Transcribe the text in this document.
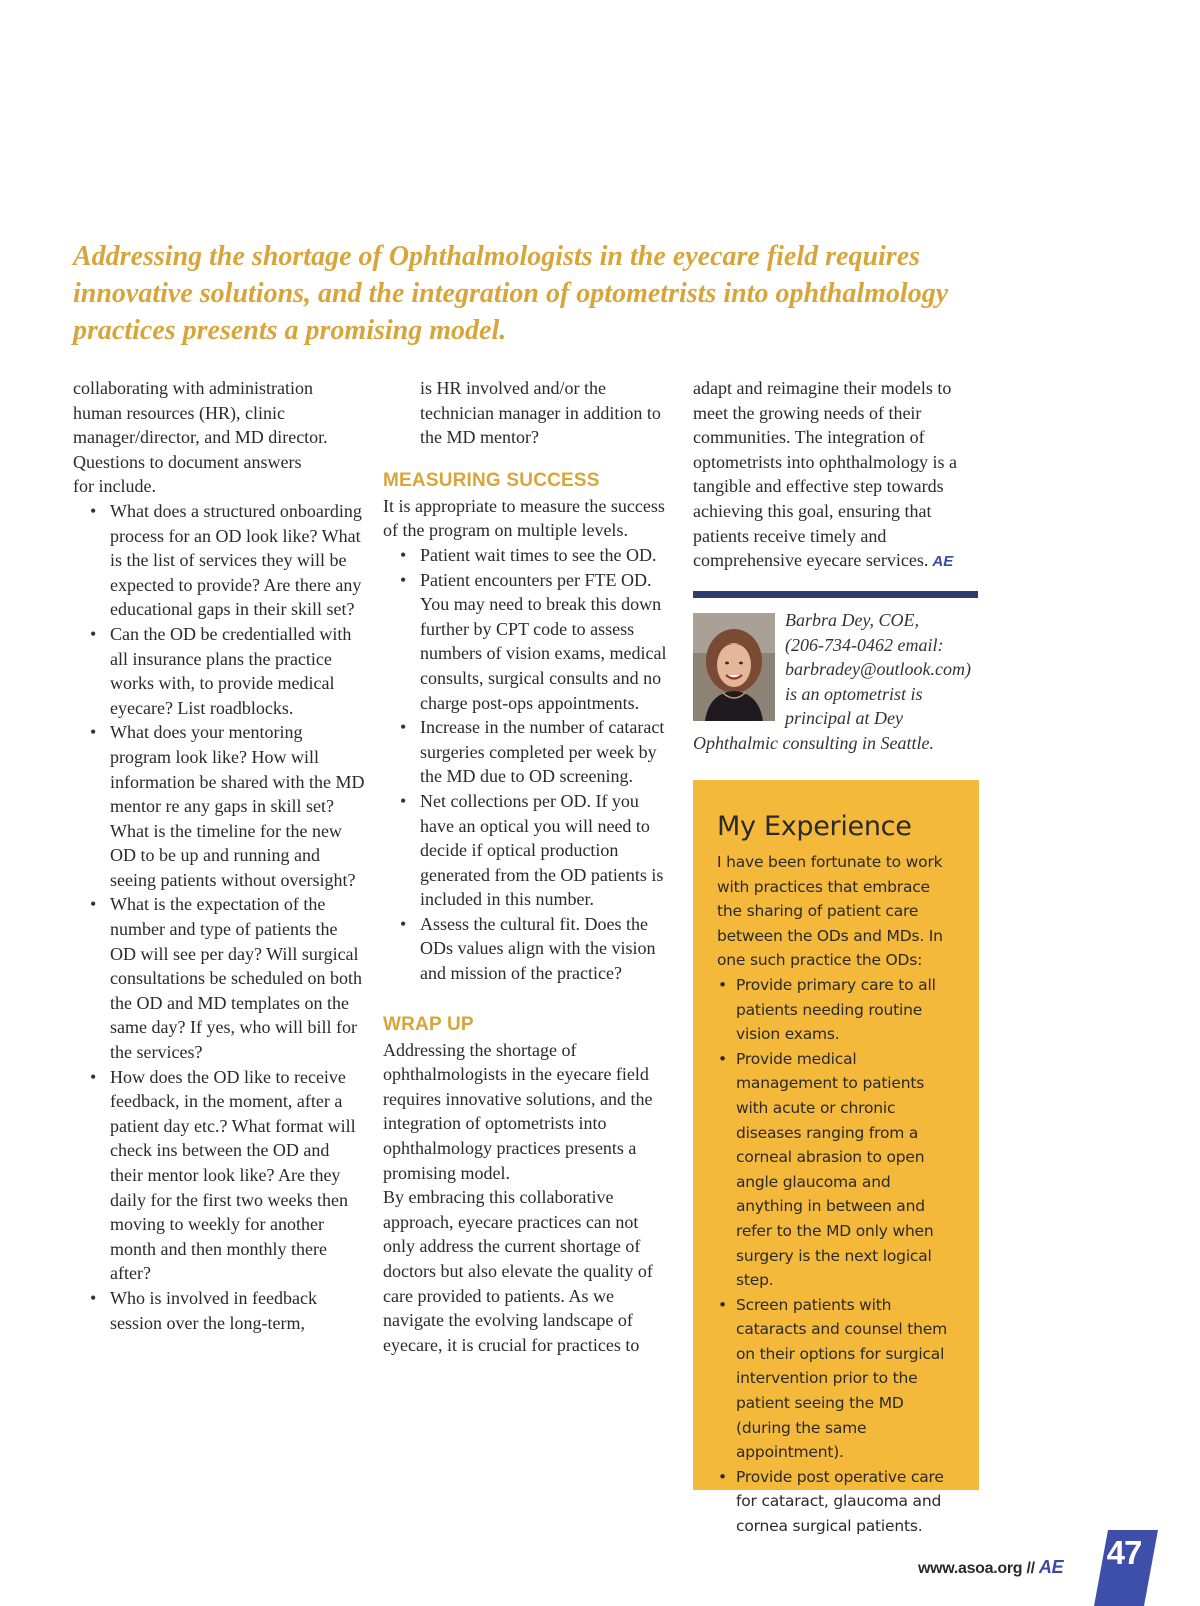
Addressing the shortage of Ophthalmologists in the eyecare field requires innovative solutions, and the integration of optometrists into ophthalmology practices presents a promising model.

collaborating with administration
human resources (HR), clinic
manager/director, and MD director.
Questions to document answers
for include.

• What does a structured onboarding process for an OD look like? What is the list of services they will be expected to provide? Are there any educational gaps in their skill set?
• Can the OD be credentialled with all insurance plans the practice works with, to provide medical eyecare? List roadblocks.
• What does your mentoring program look like? How will information be shared with the MD mentor re any gaps in skill set? What is the timeline for the new OD to be up and running and seeing patients without oversight?
• What is the expectation of the number and type of patients the OD will see per day? Will surgical consultations be scheduled on both the OD and MD templates on the same day? If yes, who will bill for the services?
• How does the OD like to receive feedback, in the moment, after a patient day etc.? What format will check ins between the OD and their mentor look like? Are they daily for the first two weeks then moving to weekly for another month and then monthly there after?
• Who is involved in feedback session over the long-term,

is HR involved and/or the technician manager in addition to the MD mentor?

MEASURING SUCCESS

It is appropriate to measure the success of the program on multiple levels.

• Patient wait times to see the OD.
• Patient encounters per FTE OD. You may need to break this down further by CPT code to assess numbers of vision exams, medical consults, surgical consults and no charge post-ops appointments.
• Increase in the number of cataract surgeries completed per week by the MD due to OD screening.
• Net collections per OD. If you have an optical you will need to decide if optical production generated from the OD patients is included in this number.
• Assess the cultural fit. Does the ODs values align with the vision and mission of the practice?
WRAP UP

Addressing the shortage of ophthalmologists in the eyecare field requires innovative solutions, and the integration of optometrists into ophthalmology practices presents a promising model.

By embracing this collaborative approach, eyecare practices can not only address the current shortage of doctors but also elevate the quality of care provided to patients. As we navigate the evolving landscape of eyecare, it is crucial for practices to

adapt and reimagine their models to meet the growing needs of their communities. The integration of optometrists into ophthalmology is a tangible and effective step towards achieving this goal, ensuring that patients receive timely and comprehensive eyecare services. AE

Barbra Dey, COE,
(206-734-0462 email:
barbradey@outlook.com)
is an optometrist is
principal at Dey
Ophthalmic consulting in Seattle.
My Experience

I have been fortunate to work with practices that embrace the sharing of patient care between the ODs and MDs. In one such practice the ODs:

• Provide primary care to all patients needing routine vision exams.
• Provide medical management to patients with acute or chronic diseases ranging from a corneal abrasion to open angle glaucoma and anything in between and refer to the MD only when surgery is the next logical step.
• Screen patients with cataracts and counsel them on their options for surgical intervention prior to the patient seeing the MD (during the same appointment).
• Provide post operative care for cataract, glaucoma and cornea surgical patients.
www.asoa.org // AE 47
